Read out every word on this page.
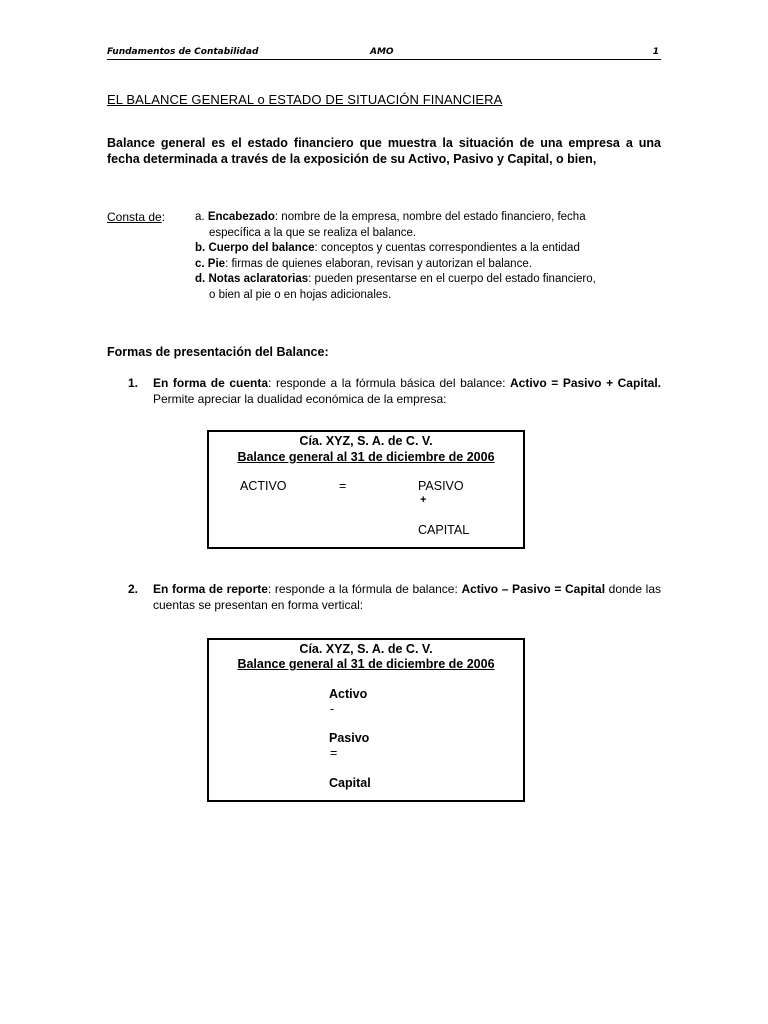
Fundamentos de Contabilidad	AMO	1
EL BALANCE GENERAL o ESTADO DE SITUACIÓN FINANCIERA
Balance general es el estado financiero que muestra la situación de una empresa a una fecha determinada a través de la exposición de su Activo, Pasivo y Capital, o bien,
Consta de:	a. Encabezado: nombre de la empresa, nombre del estado financiero, fecha
específica a la que se realiza el balance.
b. Cuerpo del balance: conceptos y cuentas correspondientes a la entidad
c. Pie: firmas de quienes elaboran, revisan y autorizan el balance.
d. Notas aclaratorias: pueden presentarse en el cuerpo del estado financiero,
o bien al pie o en hojas adicionales.
Formas de presentación del Balance:
1. En forma de cuenta: responde a la fórmula básica del balance: Activo = Pasivo + Capital. Permite apreciar la dualidad económica de la empresa:
Cía. XYZ, S. A. de C. V.
Balance general al 31 de diciembre de 2006
ACTIVO	=	PASIVO
+
CAPITAL
2. En forma de reporte: responde a la fórmula de balance: Activo – Pasivo = Capital donde las cuentas se presentan en forma vertical:
Cía. XYZ, S. A. de C. V.
Balance general al 31 de diciembre de 2006
Activo
-
Pasivo
=
Capital
